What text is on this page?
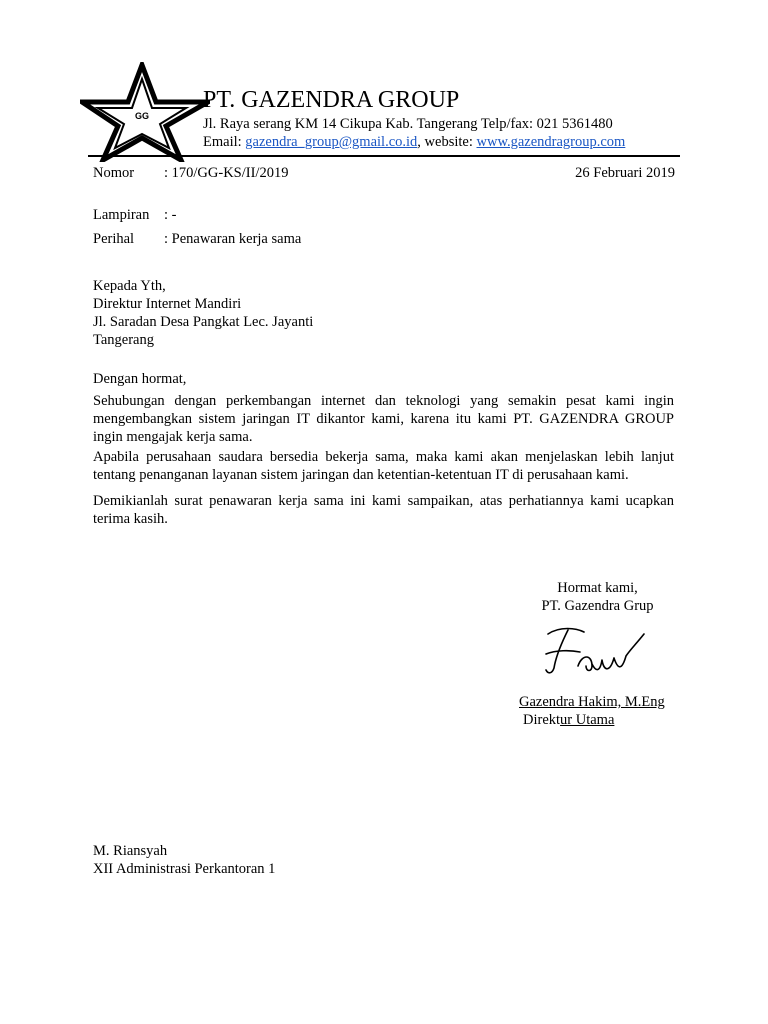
GG
PT. GAZENDRA GROUP
Jl. Raya serang KM 14 Cikupa Kab. Tangerang Telp/fax: 021 5361480
Email: gazendra_group@gmail.co.id, website: www.gazendragroup.com
Nomor : 170/GG-KS/II/2019	26 Februari 2019
Lampiran : -
Perihal : Penawaran kerja sama
Kepada Yth,
Direktur Internet Mandiri
Jl. Saradan Desa Pangkat Lec. Jayanti
Tangerang
Dengan hormat,
Sehubungan dengan perkembangan internet dan teknologi yang semakin pesat kami ingin mengembangkan sistem jaringan IT dikantor kami, karena itu kami PT. GAZENDRA GROUP ingin mengajak kerja sama.
Apabila perusahaan saudara bersedia bekerja sama, maka kami akan menjelaskan lebih lanjut tentang penanganan layanan sistem jaringan dan ketentian-ketentuan IT di perusahaan kami.
Demikianlah surat penawaran kerja sama ini kami sampaikan, atas perhatiannya kami ucapkan terima kasih.
Hormat kami,
PT. Gazendra Grup
Gazendra Hakim, M.Eng
Direktur Utama
M. Riansyah
XII Administrasi Perkantoran 1
